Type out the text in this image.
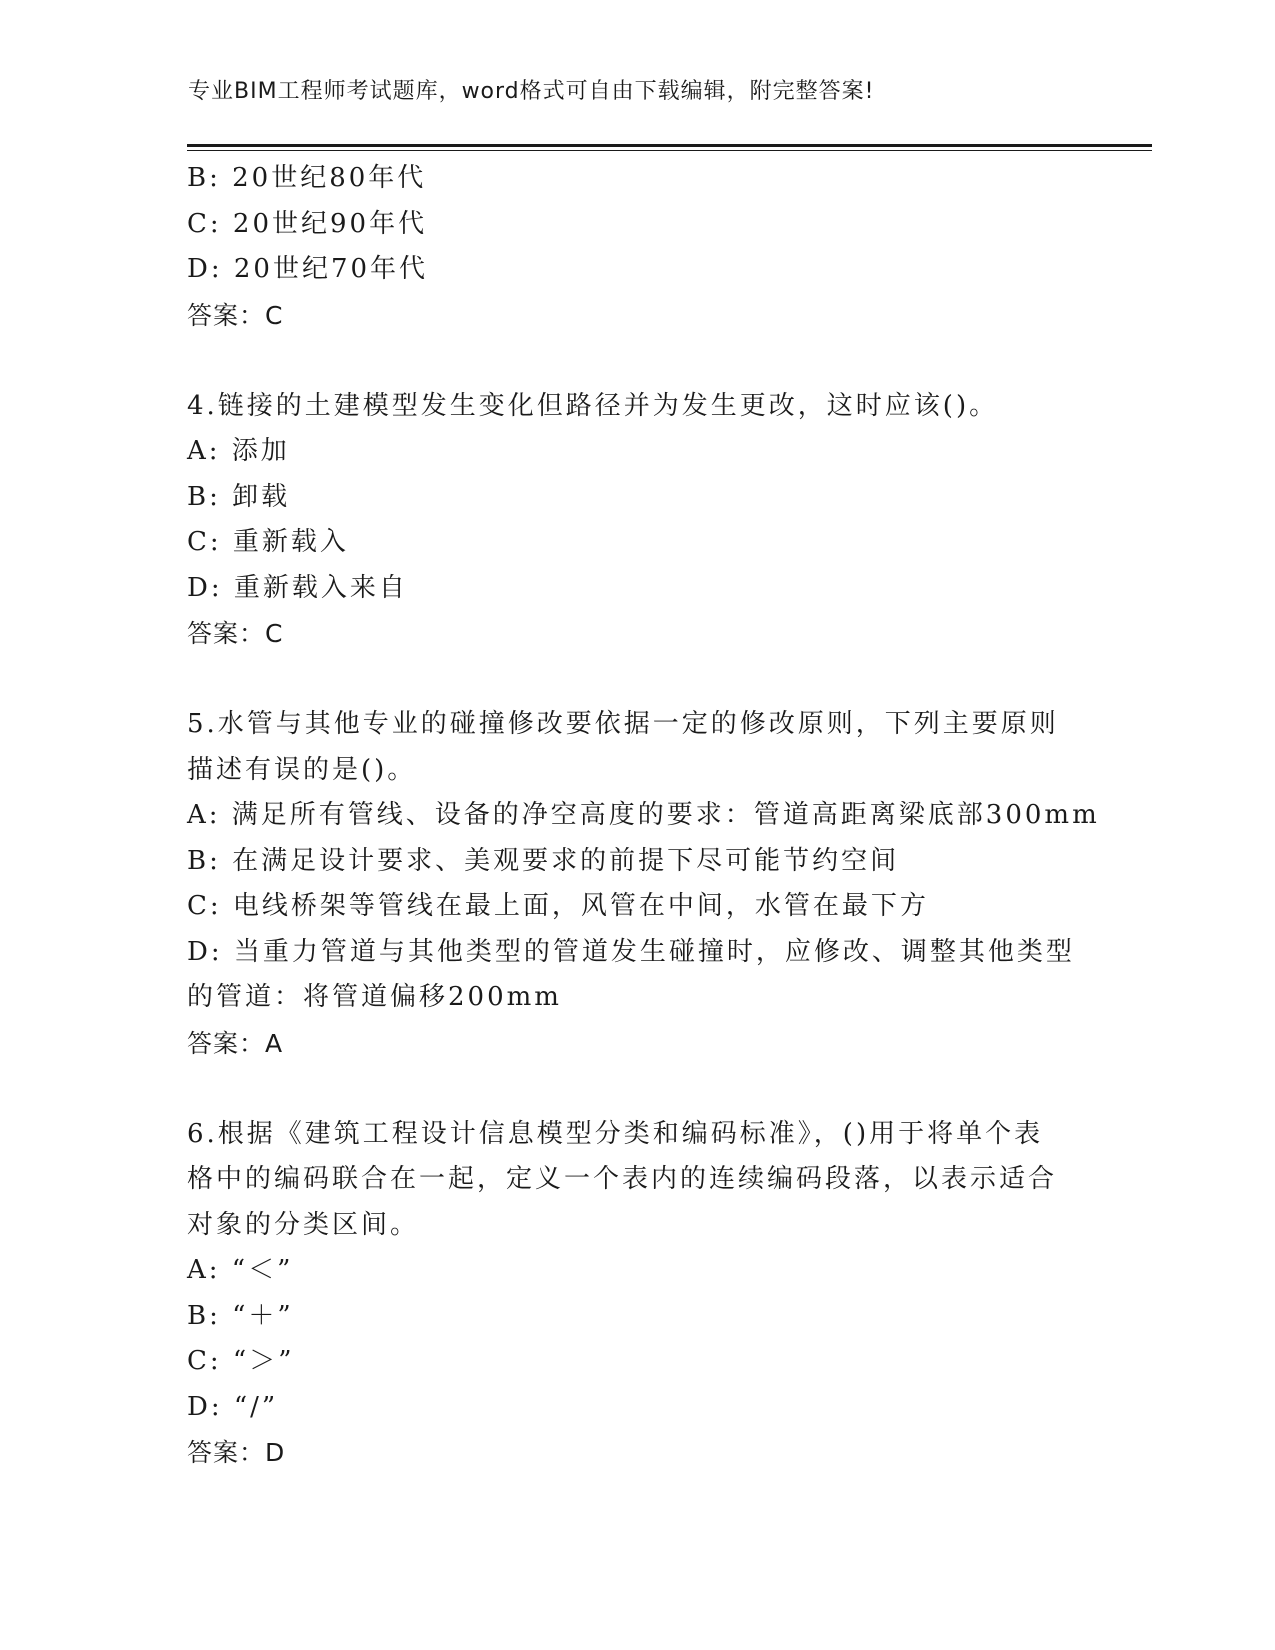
专业BIM工程师考试题库，word格式可自由下载编辑，附完整答案!
B: 20世纪80年代
C: 20世纪90年代
D: 20世纪70年代
答案：C
4.链接的土建模型发生变化但路径并为发生更改，这时应该()。
A: 添加
B: 卸载
C: 重新载入
D: 重新载入来自
答案：C
5.水管与其他专业的碰撞修改要依据一定的修改原则，下列主要原则
描述有误的是()。
A: 满足所有管线、设备的净空高度的要求：管道高距离梁底部300mm
B: 在满足设计要求、美观要求的前提下尽可能节约空间
C: 电线桥架等管线在最上面，风管在中间，水管在最下方
D: 当重力管道与其他类型的管道发生碰撞时，应修改、调整其他类型
的管道：将管道偏移200mm
答案：A
6.根据《建筑工程设计信息模型分类和编码标准》，()用于将单个表
格中的编码联合在一起，定义一个表内的连续编码段落，以表示适合
对象的分类区间。
A: “＜”
B: “＋”
C: “＞”
D: “/”
答案：D
